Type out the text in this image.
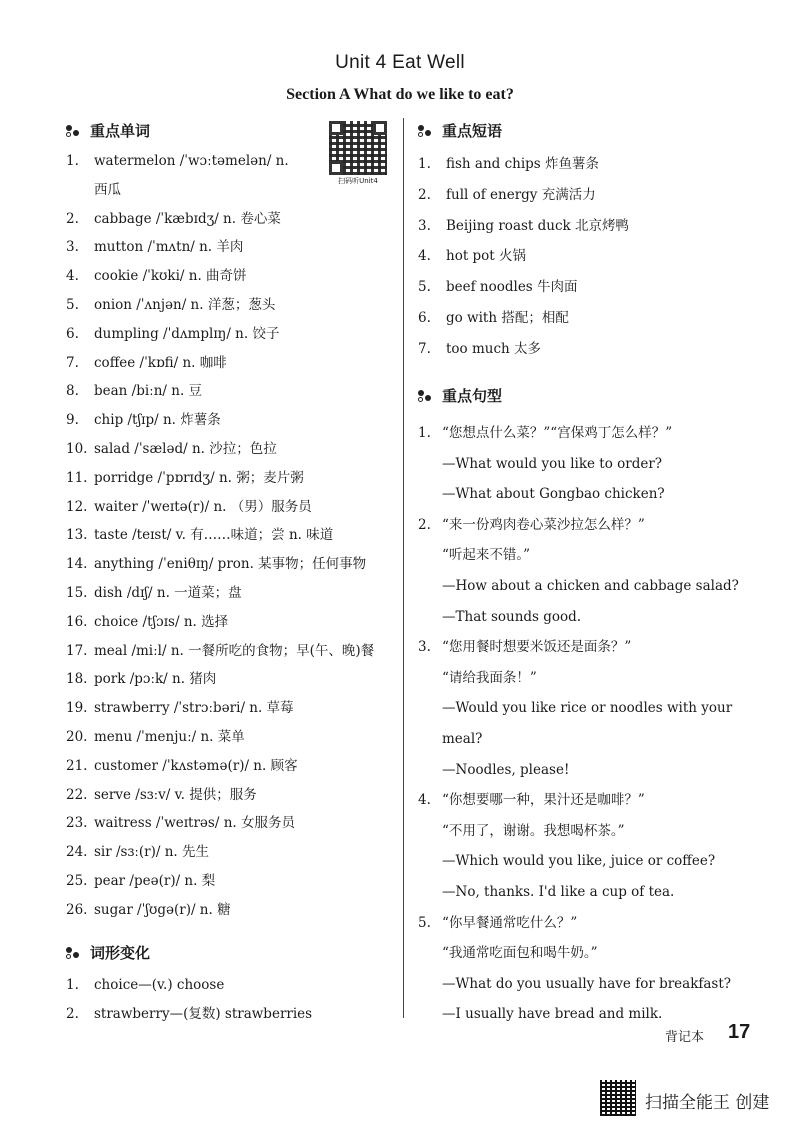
Unit 4 Eat Well
Section A What do we like to eat?
重点单词
扫码听Unit4
1.	watermelon /ˈwɔːtəmelən/ n.
西瓜
2.	cabbage /ˈkæbɪdʒ/ n. 卷心菜
3.	mutton /ˈmʌtn/ n. 羊肉
4.	cookie /ˈkʊki/ n. 曲奇饼
5.	onion /ˈʌnjən/ n. 洋葱；葱头
6.	dumpling /ˈdʌmplɪŋ/ n. 饺子
7.	coffee /ˈkɒfi/ n. 咖啡
8.	bean /biːn/ n. 豆
9.	chip /tʃɪp/ n. 炸薯条
10. salad /ˈsæləd/ n. 沙拉；色拉
11. porridge /ˈpɒrɪdʒ/ n. 粥；麦片粥
12. waiter /ˈweɪtə(r)/ n. （男）服务员
13. taste /teɪst/ v. 有……味道；尝 n. 味道
14. anything /ˈeniθɪŋ/ pron. 某事物；任何事物
15. dish /dɪʃ/ n. 一道菜；盘
16. choice /tʃɔɪs/ n. 选择
17. meal /miːl/ n. 一餐所吃的食物；早(午、晚)餐
18. pork /pɔːk/ n. 猪肉
19. strawberry /ˈstrɔːbəri/ n. 草莓
20. menu /ˈmenjuː/ n. 菜单
21. customer /ˈkʌstəmə(r)/ n. 顾客
22. serve /sɜːv/ v. 提供；服务
23. waitress /ˈweɪtrəs/ n. 女服务员
24. sir /sɜː(r)/ n. 先生
25. pear /peə(r)/ n. 梨
26. sugar /ˈʃʊgə(r)/ n. 糖
词形变化
1.	choice—(v.) choose
2.	strawberry—(复数) strawberries
重点短语
1.	fish and chips 炸鱼薯条
2.	full of energy 充满活力
3.	Beijing roast duck 北京烤鸭
4.	hot pot 火锅
5.	beef noodles 牛肉面
6.	go with 搭配；相配
7.	too much 太多
重点句型
1. “您想点什么菜？”“宫保鸡丁怎么样？”
—What would you like to order?
—What about Gongbao chicken?
2. “来一份鸡肉卷心菜沙拉怎么样？”
“听起来不错。”
—How about a chicken and cabbage salad?
—That sounds good.
3. “您用餐时想要米饭还是面条？”
“请给我面条！”
—Would you like rice or noodles with your
meal?
—Noodles, please!
4. “你想要哪一种，果汁还是咖啡？”
“不用了，谢谢。我想喝杯茶。”
—Which would you like, juice or coffee?
—No, thanks. I'd like a cup of tea.
5. “你早餐通常吃什么？”
“我通常吃面包和喝牛奶。”
—What do you usually have for breakfast?
—I usually have bread and milk.
背记本 17
扫描全能王 创建
